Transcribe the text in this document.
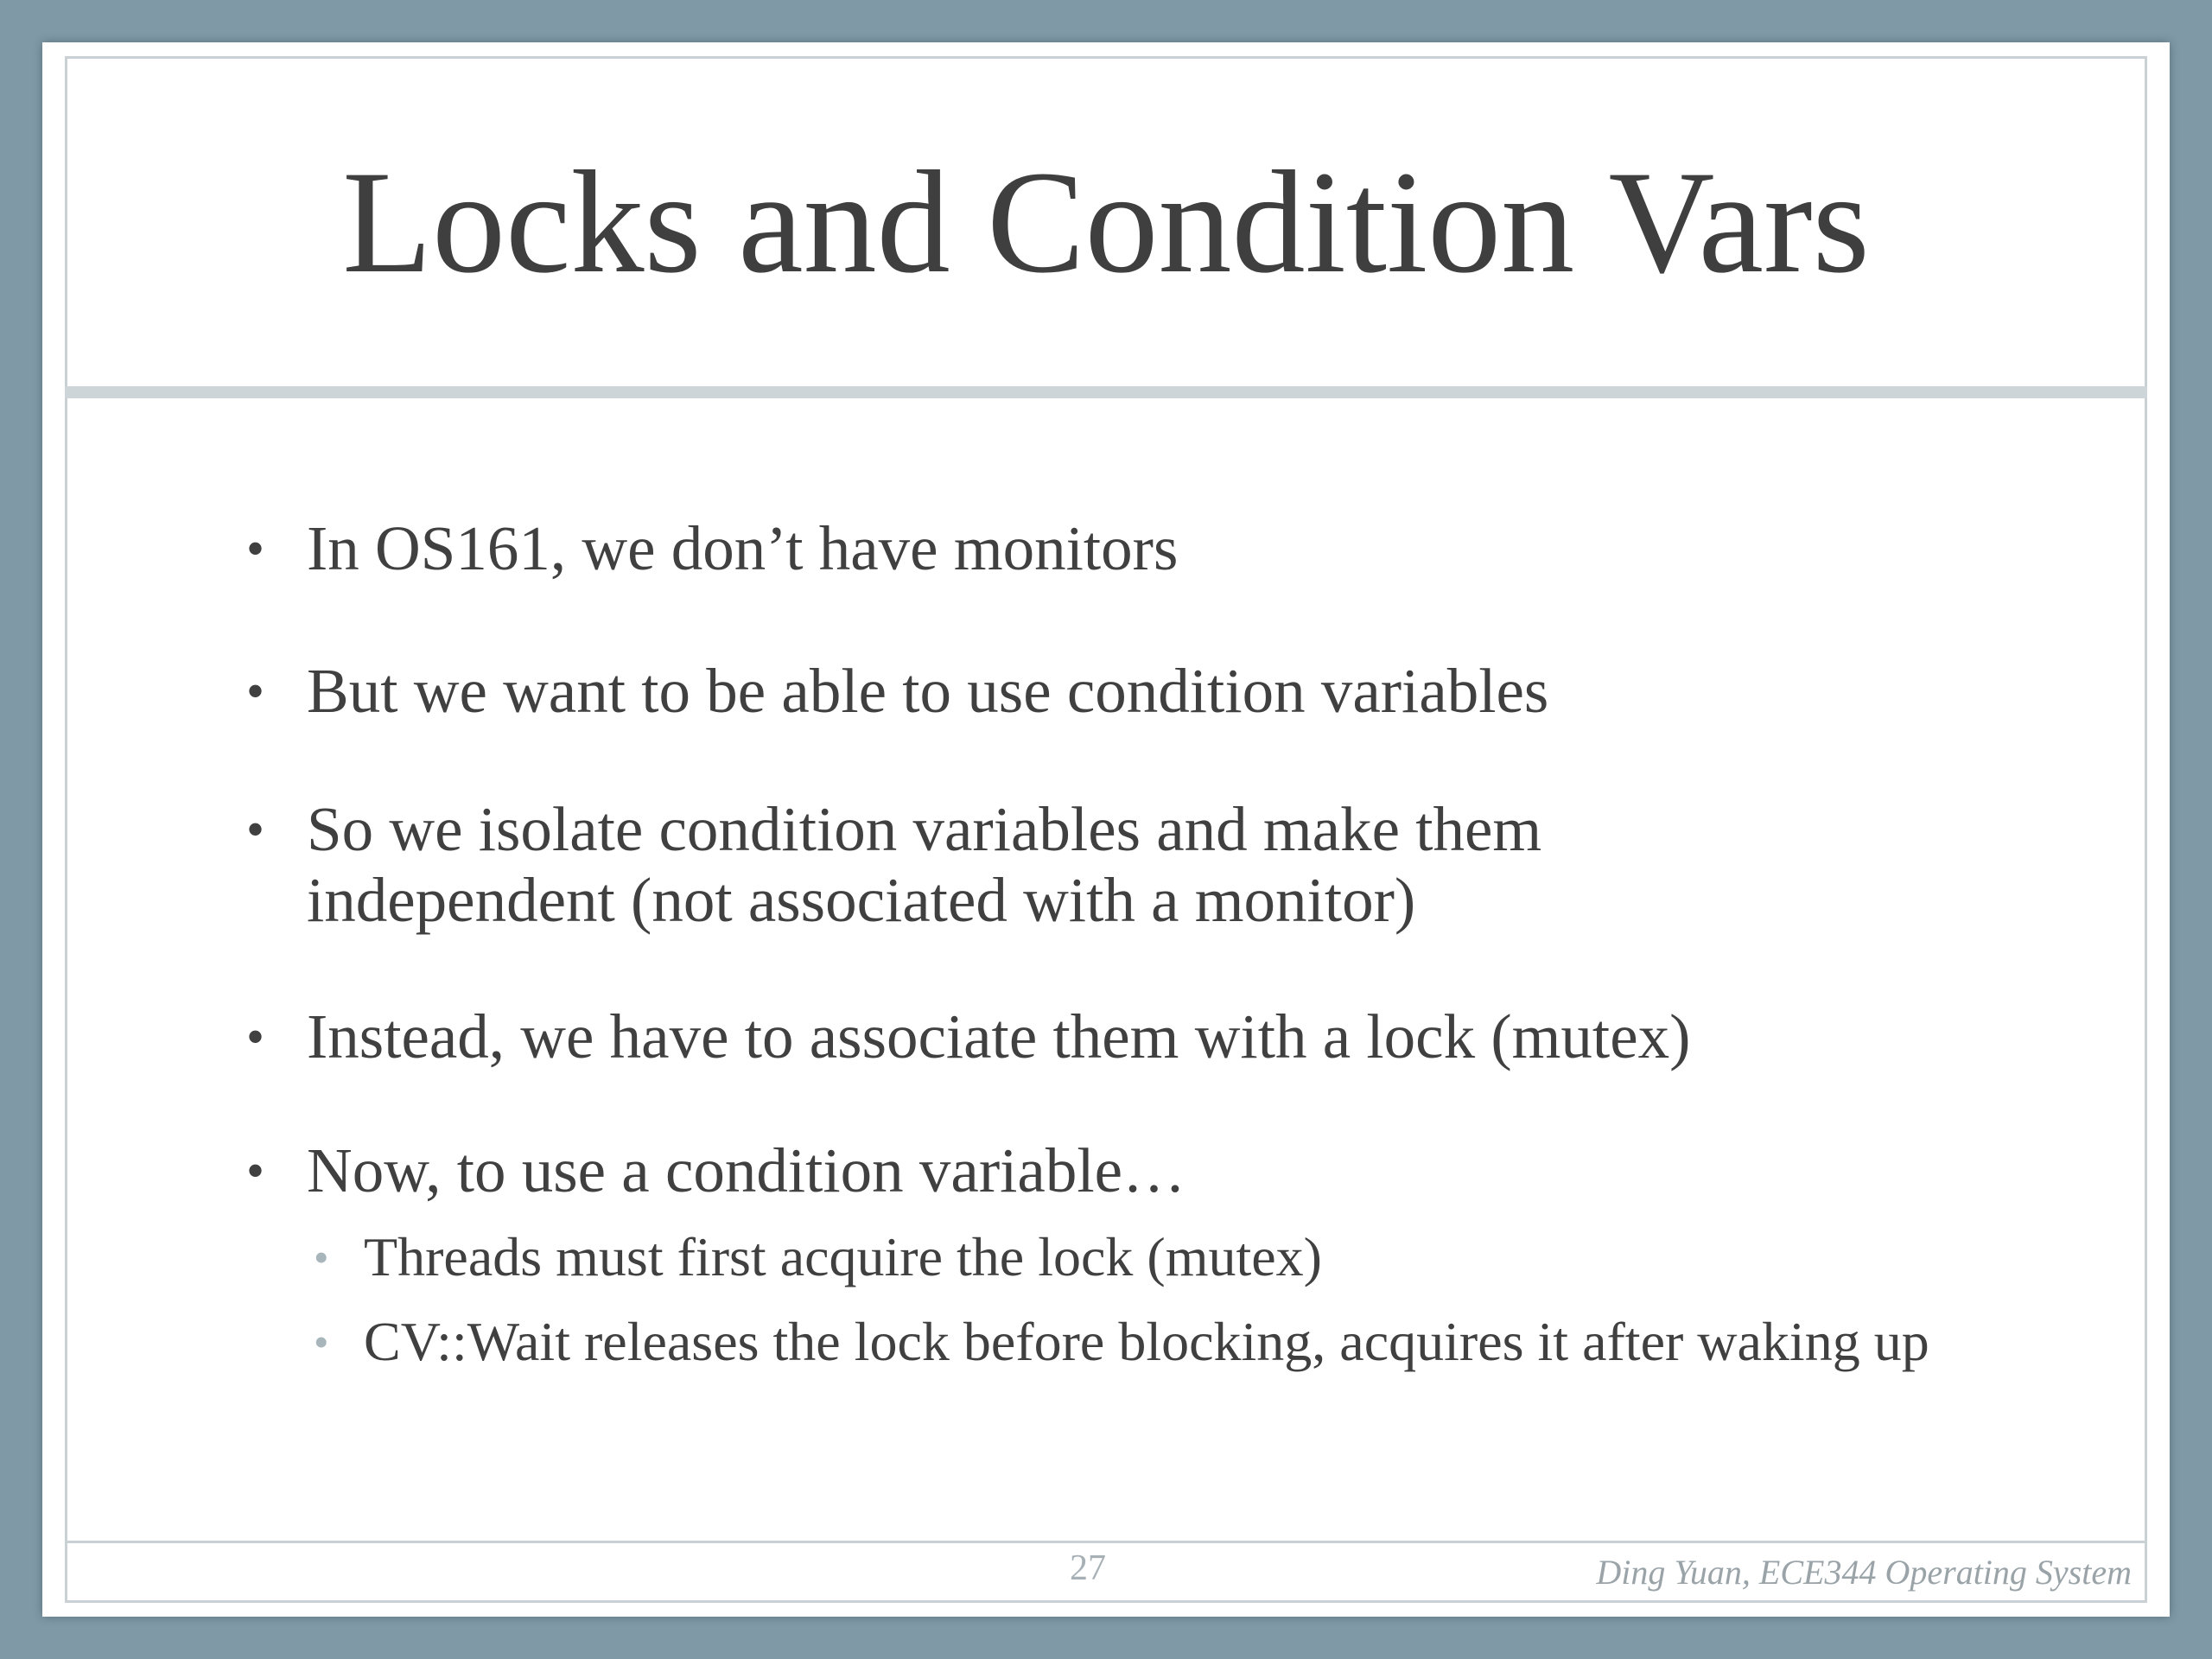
Locks and Condition Vars
• In OS161, we don’t have monitors
• But we want to be able to use condition variables
• So we isolate condition variables and make them independent (not associated with a monitor)
• Instead, we have to associate them with a lock (mutex)
• Now, to use a condition variable…
• Threads must first acquire the lock (mutex)
• CV::Wait releases the lock before blocking, acquires it after waking up
27	Ding Yuan, ECE344 Operating System
